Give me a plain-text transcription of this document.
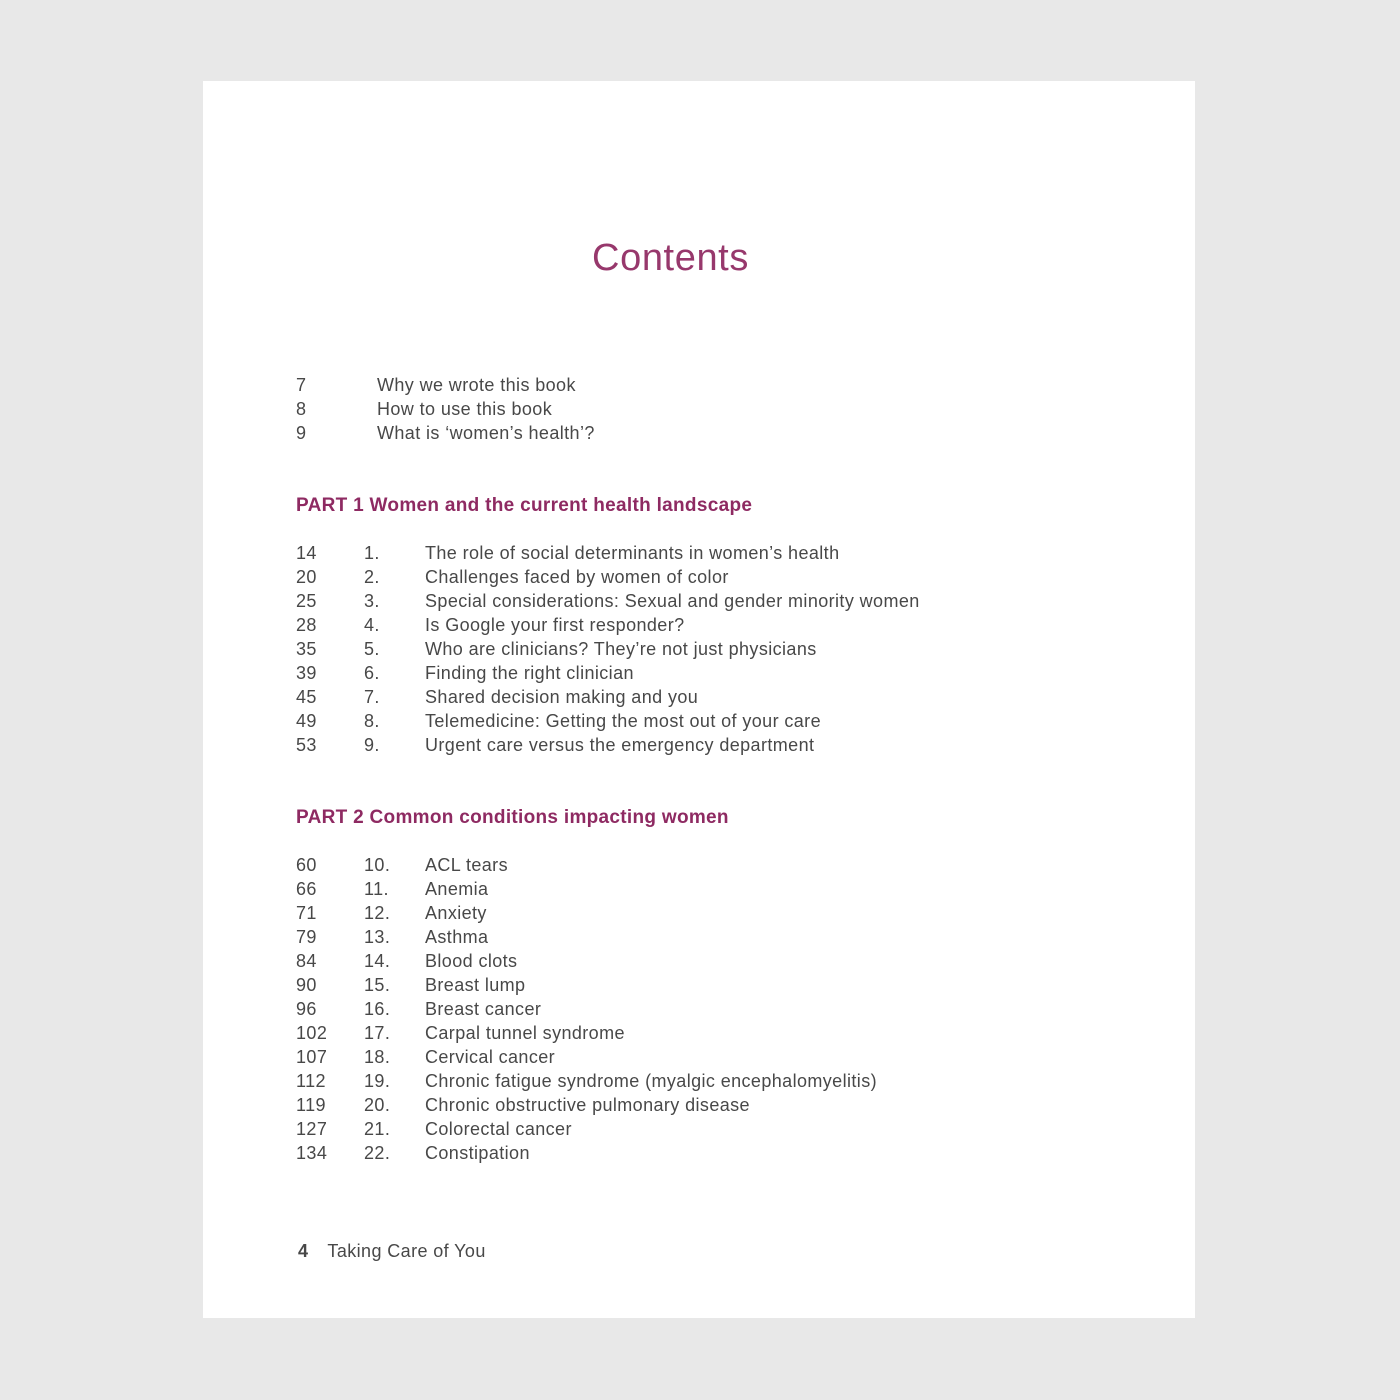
Contents
7	Why we wrote this book
8	How to use this book
9	What is ‘women’s health’?
PART 1 Women and the current health landscape
14	1.	The role of social determinants in women’s health
20	2.	Challenges faced by women of color
25	3.	Special considerations: Sexual and gender minority women
28	4.	Is Google your first responder?
35	5.	Who are clinicians? They’re not just physicians
39	6.	Finding the right clinician
45	7.	Shared decision making and you
49	8.	Telemedicine: Getting the most out of your care
53	9.	Urgent care versus the emergency department
PART 2 Common conditions impacting women
60	10.	ACL tears
66	11.	Anemia
71	12.	Anxiety
79	13.	Asthma
84	14.	Blood clots
90	15.	Breast lump
96	16.	Breast cancer
102	17.	Carpal tunnel syndrome
107	18.	Cervical cancer
112	19.	Chronic fatigue syndrome (myalgic encephalomyelitis)
119	20.	Chronic obstructive pulmonary disease
127	21.	Colorectal cancer
134	22.	Constipation
4 Taking Care of You
